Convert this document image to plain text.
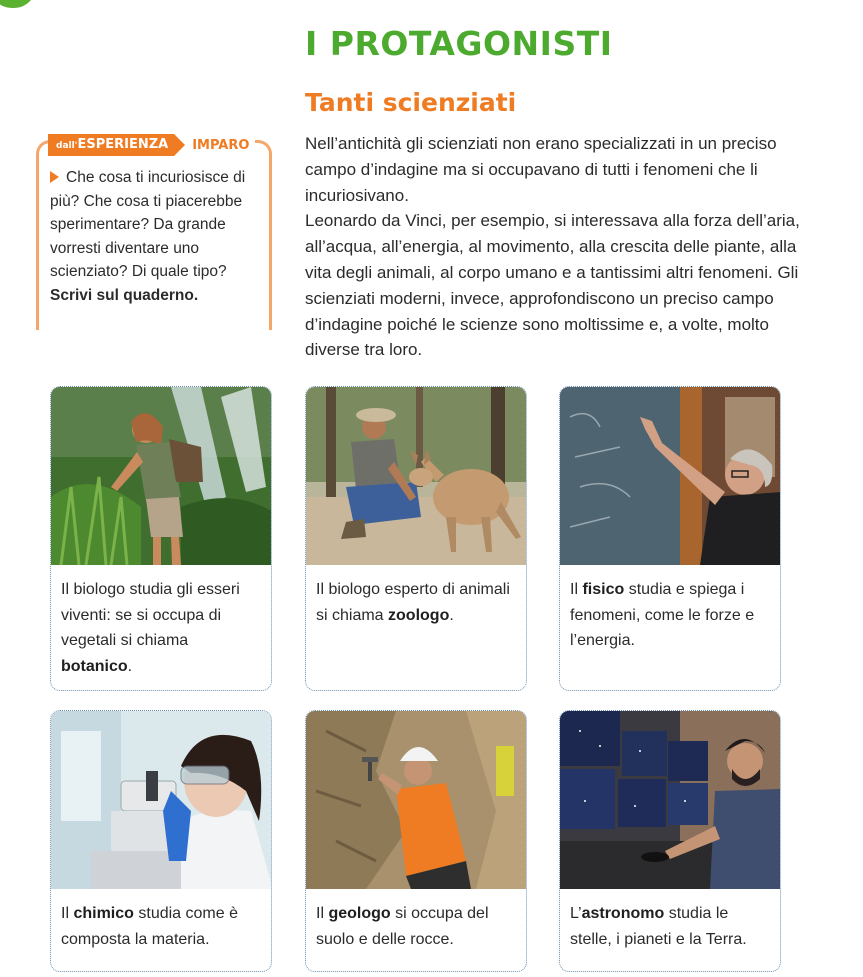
I PROTAGONISTI
Tanti scienziati
dall'ESPERIENZA	IMPARO
Che cosa ti incuriosisce di più? Che cosa ti piacerebbe sperimentare? Da grande vorresti diventare uno scienziato? Di quale tipo?
Scrivi sul quaderno.
Nell’antichità gli scienziati non erano specializzati in un preciso campo d’indagine ma si occupavano di tutti i fenomeni che li incuriosivano.
Leonardo da Vinci, per esempio, si interessava alla forza dell’aria, all’acqua, all’energia, al movimento, alla crescita delle piante, alla vita degli animali, al corpo umano e a tantissimi altri fenomeni. Gli scienziati moderni, invece, approfondiscono un preciso campo d’indagine poiché le scienze sono moltissime e, a volte, molto diverse tra loro.
Il biologo studia gli esseri viventi: se si occupa di vegetali si chiama botanico.
Il biologo esperto di animali si chiama zoologo.
Il fisico studia e spiega i fenomeni, come le forze e l’energia.
Il chimico studia come è composta la materia.
Il geologo si occupa del suolo e delle rocce.
L’astronomo studia le stelle, i pianeti e la Terra.
